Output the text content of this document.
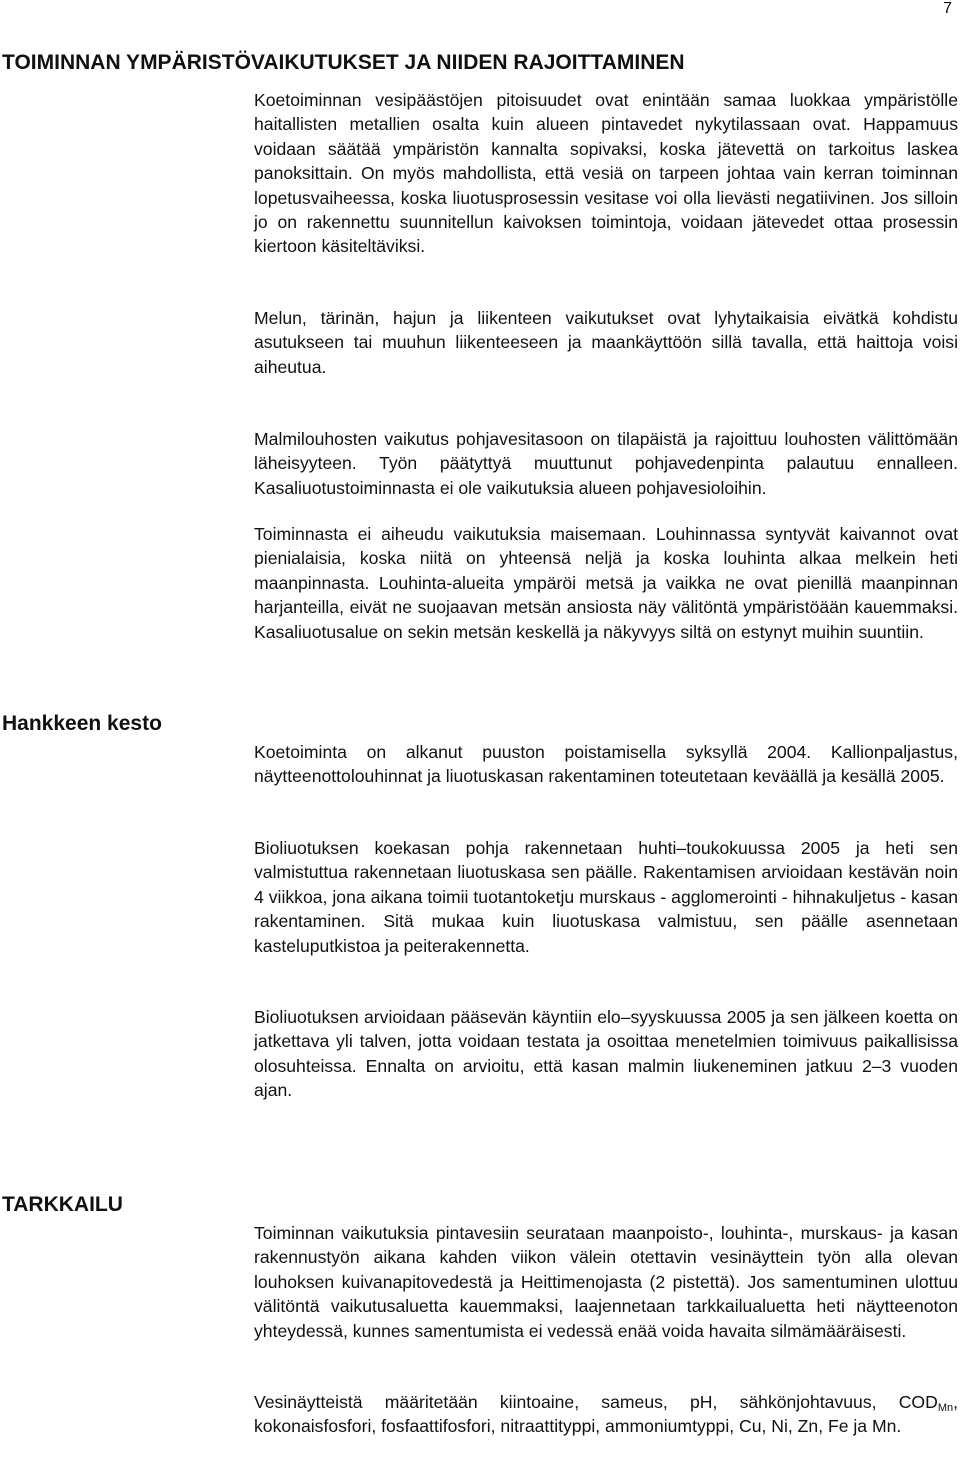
7
TOIMINNAN YMPÄRISTÖVAIKUTUKSET JA NIIDEN RAJOITTAMINEN

Koetoiminnan vesipäästöjen pitoisuudet ovat enintään samaa luokkaa ympäristölle haitallisten metallien osalta kuin alueen pintavedet nykytilassaan ovat. Happamuus voidaan säätää ympäristön kannalta sopivaksi, koska jätevettä on tarkoitus laskea panoksittain. On myös mahdollista, että vesiä on tarpeen johtaa vain kerran toiminnan lopetusvaiheessa, koska liuotusprosessin vesitase voi olla lievästi negatiivinen. Jos silloin jo on rakennettu suunnitellun kaivoksen toimintoja, voidaan jätevedet ottaa prosessin kiertoon käsiteltäviksi.

Melun, tärinän, hajun ja liikenteen vaikutukset ovat lyhytaikaisia eivätkä kohdistu asutukseen tai muuhun liikenteeseen ja maankäyttöön sillä tavalla, että haittoja voisi aiheutua.

Malmilouhosten vaikutus pohjavesitasoon on tilapäistä ja rajoittuu louhosten välittömään läheisyyteen. Työn päätyttyä muuttunut pohjavedenpinta palautuu ennalleen. Kasaliuotustoiminnasta ei ole vaikutuksia alueen pohjavesioloihin.

Toiminnasta ei aiheudu vaikutuksia maisemaan. Louhinnassa syntyvät kaivannot ovat pienialaisia, koska niitä on yhteensä neljä ja koska louhinta alkaa melkein heti maanpinnasta. Louhinta-alueita ympäröi metsä ja vaikka ne ovat pienillä maanpinnan harjanteilla, eivät ne suojaavan metsän ansiosta näy välitöntä ympäristöään kauemmaksi. Kasaliuotusalue on sekin metsän keskellä ja näkyvyys siltä on estynyt muihin suuntiin.

Hankkeen kesto

Koetoiminta on alkanut puuston poistamisella syksyllä 2004. Kallionpaljastus, näytteenottolouhinnat ja liuotuskasan rakentaminen toteutetaan keväällä ja kesällä 2005.

Bioliuotuksen koekasan pohja rakennetaan huhti–toukokuussa 2005 ja heti sen valmistuttua rakennetaan liuotuskasa sen päälle. Rakentamisen arvioidaan kestävän noin 4 viikkoa, jona aikana toimii tuotantoketju murskaus - agglomerointi - hihnakuljetus - kasan rakentaminen. Sitä mukaa kuin liuotuskasa valmistuu, sen päälle asennetaan kasteluputkistoa ja peiterakennetta.

Bioliuotuksen arvioidaan pääsevän käyntiin elo–syyskuussa 2005 ja sen jälkeen koetta on jatkettava yli talven, jotta voidaan testata ja osoittaa menetelmien toimivuus paikallisissa olosuhteissa. Ennalta on arvioitu, että kasan malmin liukeneminen jatkuu 2–3 vuoden ajan.

TARKKAILU

Toiminnan vaikutuksia pintavesiin seurataan maanpoisto-, louhinta-, murskaus- ja kasan rakennustyön aikana kahden viikon välein otettavin vesinäyttein työn alla olevan louhoksen kuivanapitovedestä ja Heittimenojasta (2 pistettä). Jos samentuminen ulottuu välitöntä vaikutusaluetta kauemmaksi, laajennetaan tarkkailualuetta heti näytteenoton yhteydessä, kunnes samentumista ei vedessä enää voida havaita silmämääräisesti.

Vesinäytteistä määritetään kiintoaine, sameus, pH, sähkönjohtavuus, $COD_{Mn}$, kokonaisfosfori, fosfaattifosfori, nitraattityppi, ammoniumtyppi, Cu, Ni, Zn, Fe ja Mn.
